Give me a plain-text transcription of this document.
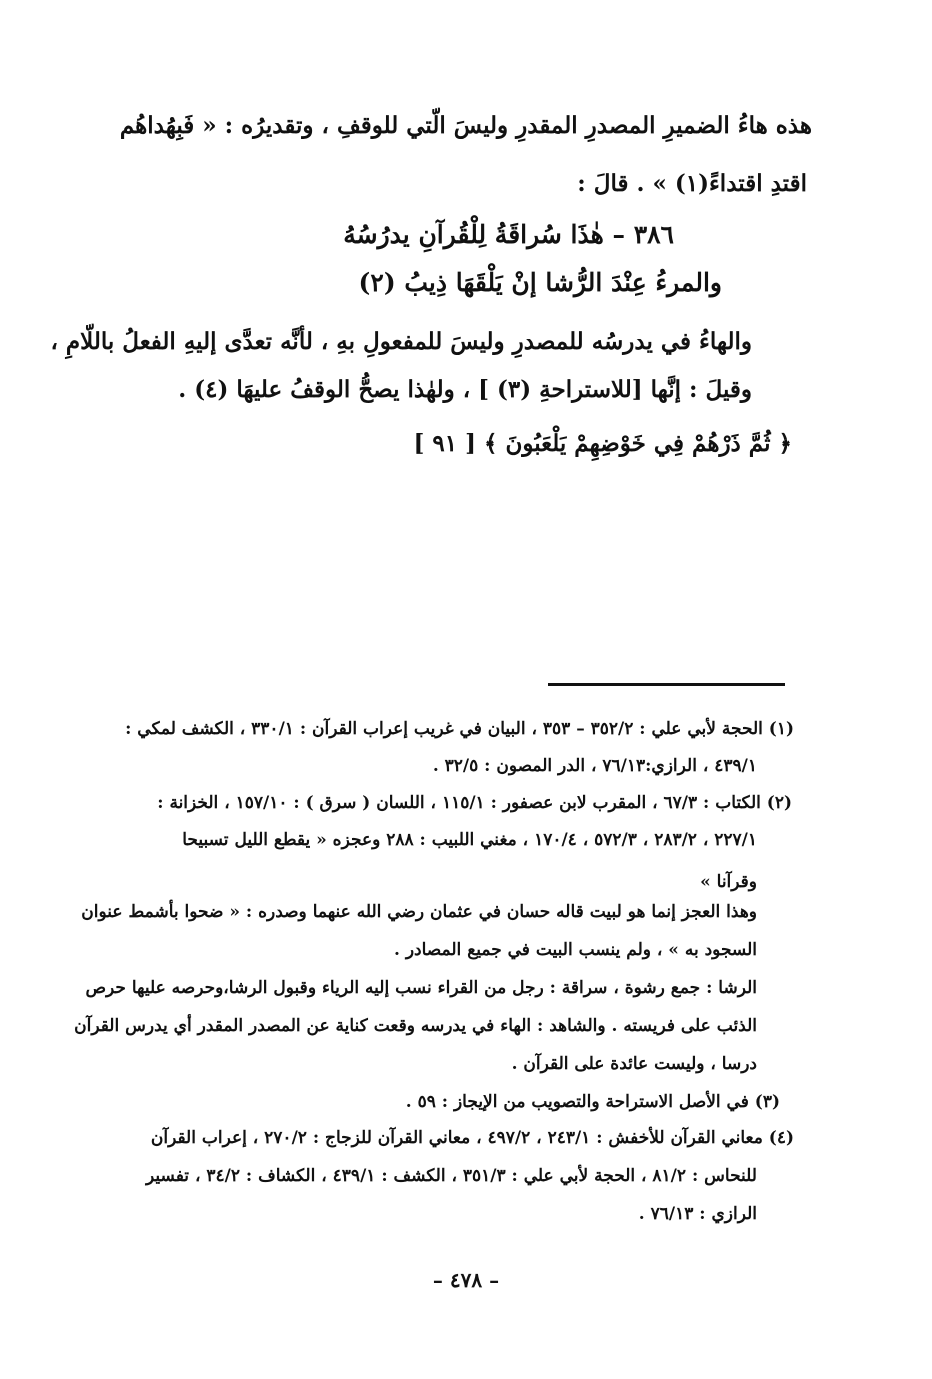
هذه هاءُ الضميرِ المصدرِ المقدرِ وليسَ الّتي للوقفِ ، وتقديرُه : « فَبِهُداهُم
اقتدِ اقتداءً(١) » . قالَ :
٣٨٦ – هٰذَا سُراقَةُ لِلْقُرآنِ يدرُسُهُ
والمرءُ عِنْدَ الرُّشا إنْ يَلْقَهَا ذِيبُ (٢)
والهاءُ في يدرسُه للمصدرِ وليسَ للمفعولِ بهِ ، لأنَّه تعدَّى إليهِ الفعلُ باللّامِ ،
وقيلَ : إنَّها [للاستراحةِ (٣) ] ، ولهٰذا يصحُّ الوقفُ عليهَا (٤) .
﴿ ثُمَّ ذَرْهُمْ فِي خَوْضِهِمْ يَلْعَبُونَ ﴾ [ ٩١ ]
(١) الحجة لأبي علي : ٣٥٢/٢ – ٣٥٣ ، البيان في غريب إعراب القرآن : ٣٣٠/١ ، الكشف لمكي :
٤٣٩/١ ، الرازي:٧٦/١٣ ، الدر المصون : ٣٢/٥ .
(٢) الكتاب : ٦٧/٣ ، المقرب لابن عصفور : ١١٥/١ ، اللسان ( سرق ) : ١٥٧/١٠ ، الخزانة :
٢٢٧/١ ، ٢٨٣/٢ ، ٥٧٢/٣ ، ١٧٠/٤ ، مغني اللبيب : ٢٨٨ وعجزه « يقطع الليل تسبيحا
وقرآنا »
وهذا العجز إنما هو لبيت قاله حسان في عثمان رضي الله عنهما وصدره : « ضحوا بأشمط عنوان
السجود به » ، ولم ينسب البيت في جميع المصادر .
الرشا : جمع رشوة ، سراقة : رجل من القراء نسب إليه الرياء وقبول الرشا،وحرصه عليها حرص
الذئب على فريسته . والشاهد : الهاء في يدرسه وقعت كناية عن المصدر المقدر أي يدرس القرآن
درسا ، وليست عائدة على القرآن .
(٣) في الأصل الاستراحة والتصويب من الإيجاز : ٥٩ .
(٤) معاني القرآن للأخفش : ٢٤٣/١ ، ٤٩٧/٢ ، معاني القرآن للزجاج : ٢٧٠/٢ ، إعراب القرآن
للنحاس : ٨١/٢ ، الحجة لأبي علي : ٣٥١/٣ ، الكشف : ٤٣٩/١ ، الكشاف : ٣٤/٢ ، تفسير
الرازي : ٧٦/١٣ .
– ٤٧٨ –
